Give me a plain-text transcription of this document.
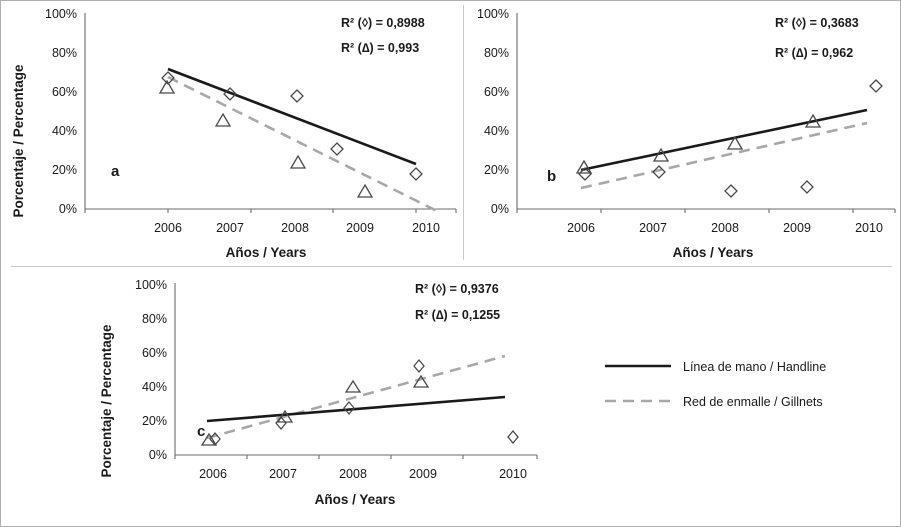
Porcentaje / Percentage
100%
80%
60%
40%
20%
0%
a
R² (◊) = 0,8988
R² (∆) = 0,993
2006	2007	2008	2009	2010
Años / Years
100%
80%
60%
40%
20%
0%
b
R² (◊) = 0,3683
R² (∆) = 0,962
2006	2007	2008	2009	2010
Años / Years
Porcentaje / Percentage
100%
80%
60%
40%
20%
0%
c
R² (◊) = 0,9376
R² (∆) = 0,1255
2006	2007	2008	2009	2010
Años / Years
Línea de mano / Handline
Red de enmalle / Gillnets
